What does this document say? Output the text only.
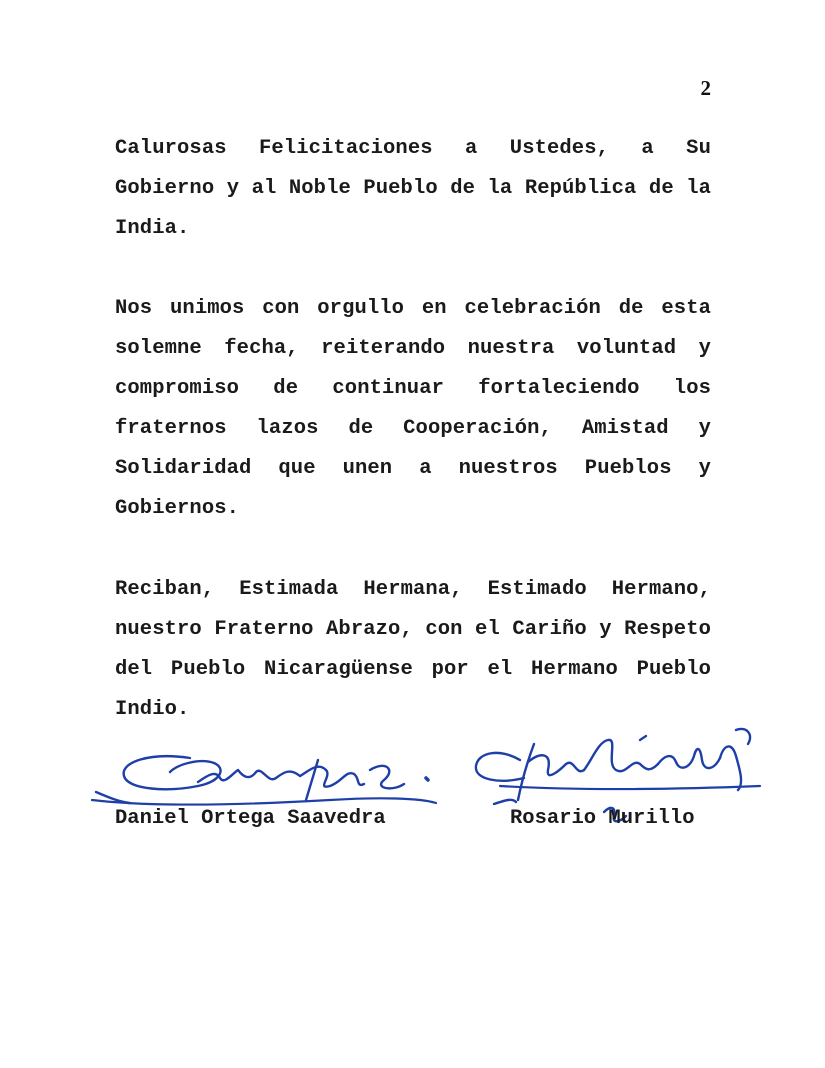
2

Calurosas Felicitaciones a Ustedes, a Su Gobierno y al Noble Pueblo de la República de la India.

Nos unimos con orgullo en celebración de esta solemne fecha, reiterando nuestra voluntad y compromiso de continuar fortaleciendo los fraternos lazos de Cooperación, Amistad y Solidaridad que unen a nuestros Pueblos y Gobiernos.

Reciban, Estimada Hermana, Estimado Hermano, nuestro Fraterno Abrazo, con el Cariño y Respeto del Pueblo Nicaragüense por el Hermano Pueblo Indio.

Daniel Ortega Saavedra	Rosario Murillo
